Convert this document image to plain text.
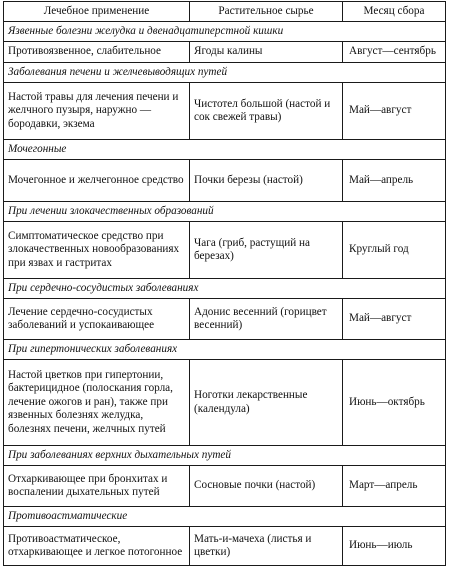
Лечебное применение	Растительное сырье	Месяц сбора
Язвенные болезни желудка и двенадцатиперстной кишки		
Противоязвенное, слабительное	Ягоды калины	Август—сентябрь
Заболевания печени и желчевыводящих путей		
Настой травы для лечения печени и желчного пузыря, наружно — бородавки, экзема	Чистотел большой (настой и сок свежей травы)	Май—август
Мочегонные		
Мочегонное и желчегонное средство	Почки березы (настой)	Май—апрель
При лечении злокачественных образований		
Симптоматическое средство при злокачественных новообразованиях при язвах и гастритах	Чага (гриб, растущий на березах)	Круглый год
При сердечно-сосудистых заболеваниях		
Лечение сердечно-сосудистых заболеваний и успокаивающее	Адонис весенний (горицвет весенний)	Май—август
При гипертонических заболеваниях		
Настой цветков при гипертонии, бактерицидное (полоскания горла, лечение ожогов и ран), также при язвенных болезнях желудка, болезнях печени, желчных путей	Ноготки лекарственные (календула)	Июнь—октябрь
При заболеваниях верхних дыхательных путей		
Отхаркивающее при бронхитах и воспалении дыхательных путей	Сосновые почки (настой)	Март—апрель
Противоастматические		
Противоастматическое, отхаркивающее и легкое потогонное	Мать-и-мачеха (листья и цветки)	Июнь—июль
